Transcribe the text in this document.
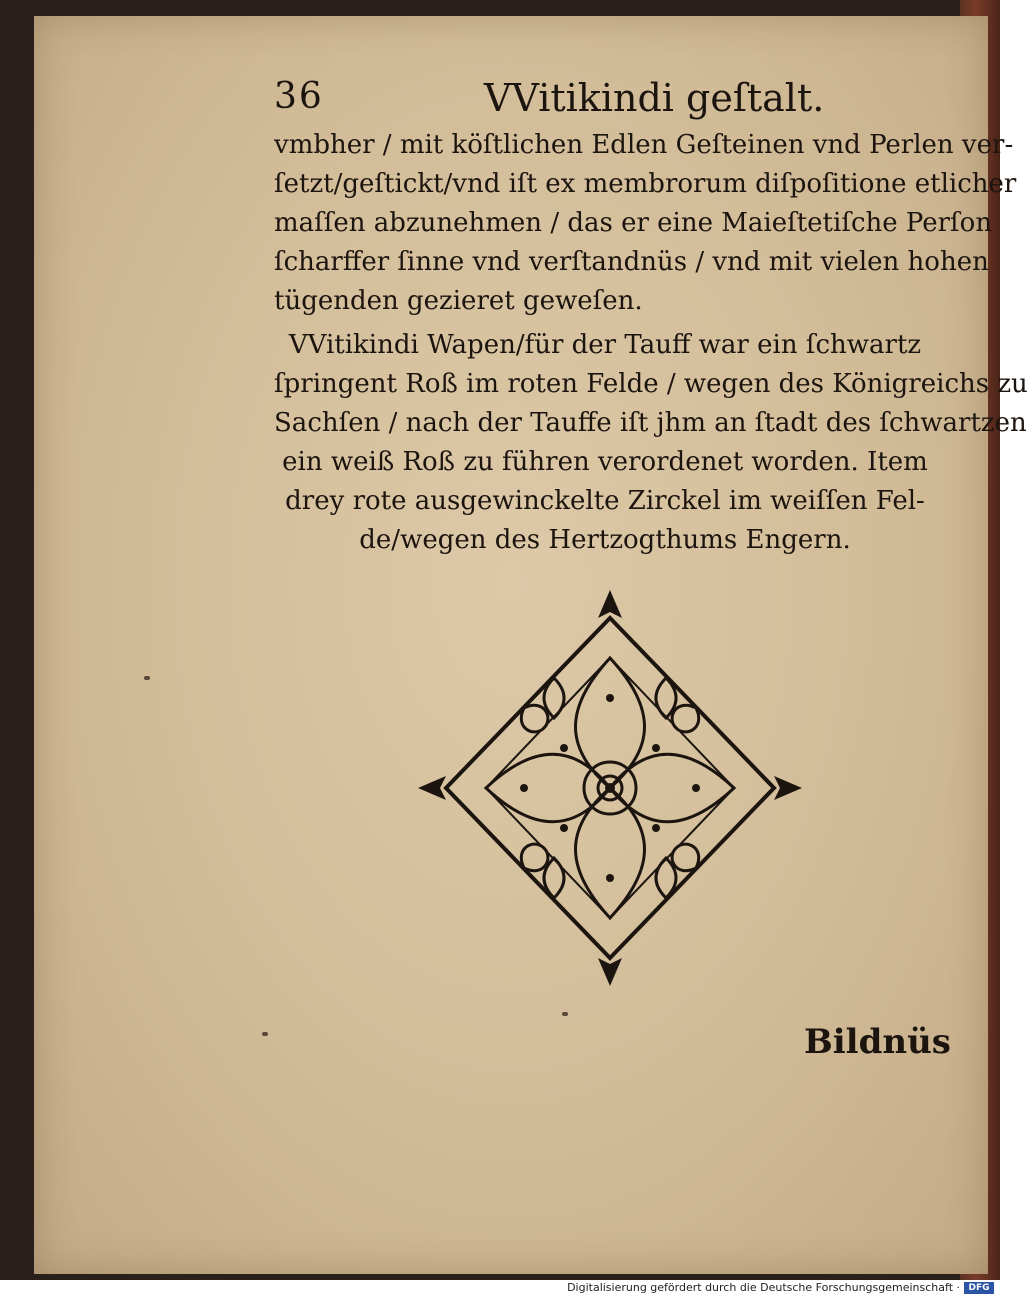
36	VVitikindi geſtalt.
vmbher / mit köſtlichen Edlen Geſteinen vnd Perlen ver-
ſetzt/geſtickt/vnd iſt ex membrorum diſpoſitione etlicher
maſſen abzunehmen / das er eine Maieſtetiſche Perſon
ſcharffer ſinne vnd verſtandnüs / vnd mit vielen hohen
tügenden gezieret geweſen.
VVitikindi Wapen/für der Tauff war ein ſchwartz
ſpringent Roß im roten Felde / wegen des Königreichs zu
Sachſen / nach der Tauffe iſt jhm an ſtadt des ſchwartzen
ein weiß Roß zu führen verordenet worden. Item
drey rote ausgewinckelte Zirckel im weiſſen Fel-
de/wegen des Hertzogthums Engern.
Bildnüs
Digitalisierung gefördert durch die Deutsche Forschungsgemeinschaft · DFG
